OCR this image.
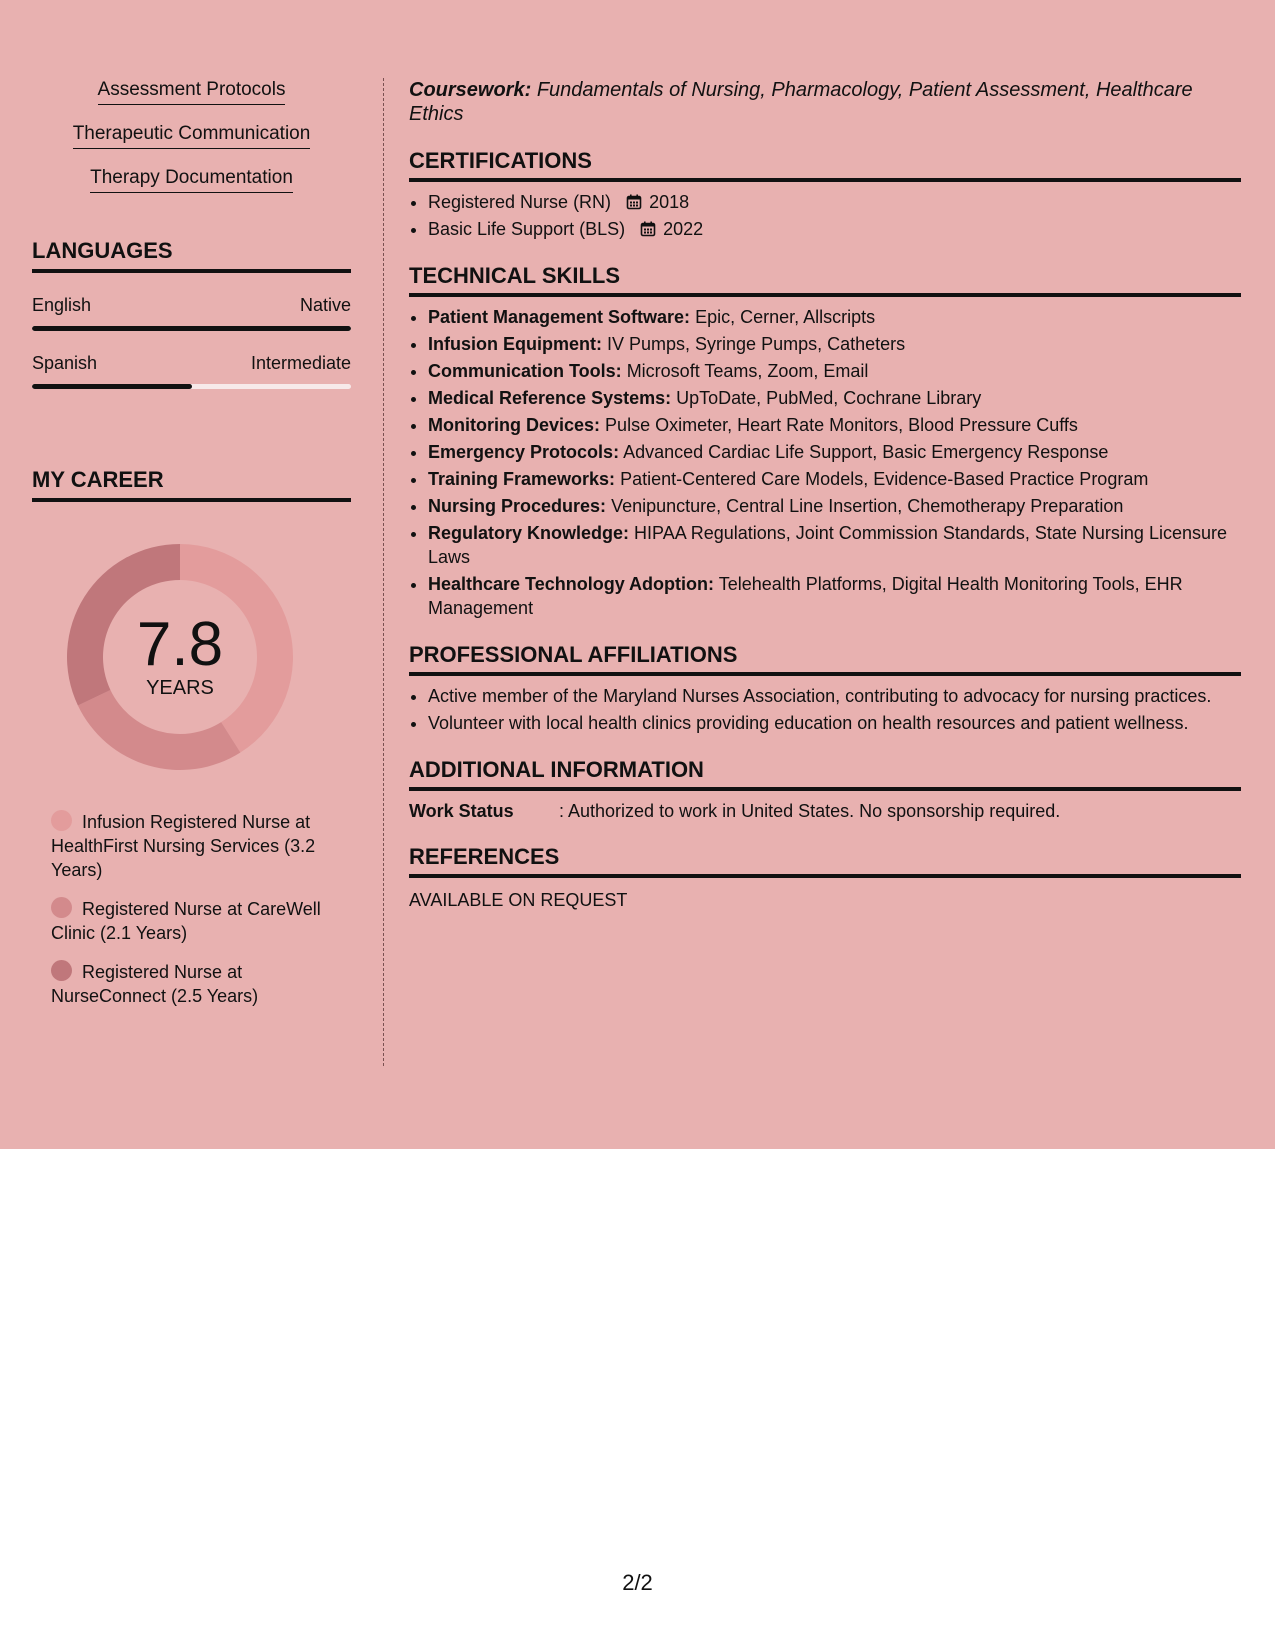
Assessment Protocols
Therapeutic Communication
Therapy Documentation
LANGUAGES
English	Native
Spanish	Intermediate
MY CAREER
7.8
YEARS
Infusion Registered Nurse at HealthFirst Nursing Services (3.2 Years)
Registered Nurse at CareWell Clinic (2.1 Years)
Registered Nurse at NurseConnect (2.5 Years)

Coursework: Fundamentals of Nursing, Pharmacology, Patient Assessment, Healthcare Ethics

CERTIFICATIONS
• Registered Nurse (RN) 2018
• Basic Life Support (BLS) 2022
TECHNICAL SKILLS
• Patient Management Software: Epic, Cerner, Allscripts
• Infusion Equipment: IV Pumps, Syringe Pumps, Catheters
• Communication Tools: Microsoft Teams, Zoom, Email
• Medical Reference Systems: UpToDate, PubMed, Cochrane Library
• Monitoring Devices: Pulse Oximeter, Heart Rate Monitors, Blood Pressure Cuffs
• Emergency Protocols: Advanced Cardiac Life Support, Basic Emergency Response
• Training Frameworks: Patient-Centered Care Models, Evidence-Based Practice Program
• Nursing Procedures: Venipuncture, Central Line Insertion, Chemotherapy Preparation
• Regulatory Knowledge: HIPAA Regulations, Joint Commission Standards, State Nursing Licensure Laws
• Healthcare Technology Adoption: Telehealth Platforms, Digital Health Monitoring Tools, EHR Management
PROFESSIONAL AFFILIATIONS
• Active member of the Maryland Nurses Association, contributing to advocacy for nursing practices.
• Volunteer with local health clinics providing education on health resources and patient wellness.
ADDITIONAL INFORMATION
Work Status	: Authorized to work in United States. No sponsorship required.
REFERENCES

AVAILABLE ON REQUEST

2/2
